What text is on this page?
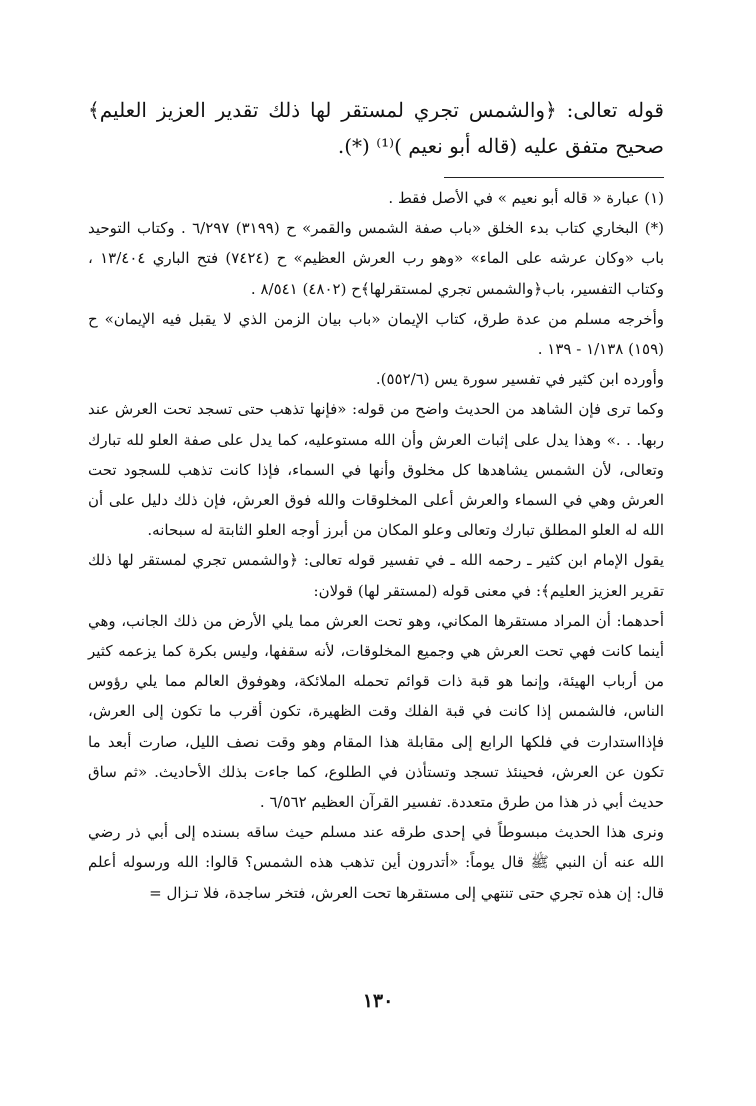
قوله تعالى: ﴿والشمس تجري لمستقر لها ذلك تقدير العزيز العليم﴾ صحيح متفق عليه (قاله أبو نعيم )⁽¹⁾ (*).

(١) عبارة « قاله أبو نعيم » في الأصل فقط .

(*) البخاري كتاب بدء الخلق «باب صفة الشمس والقمر» ح (٣١٩٩) ٦/٢٩٧ . وكتاب التوحيد باب «وكان عرشه على الماء» «وهو رب العرش العظيم» ح (٧٤٢٤) فتح الباري ١٣/٤٠٤ ، وكتاب التفسير، باب﴿والشمس تجري لمستقرلها﴾ح (٤٨٠٢) ٨/٥٤١ .

وأخرجه مسلم من عدة طرق، كتاب الإيمان «باب بيان الزمن الذي لا يقبل فيه الإيمان» ح (١٥٩) ١/١٣٨ - ١٣٩ .

وأورده ابن كثير في تفسير سورة يس (٥٥٢/٦).

وكما ترى فإن الشاهد من الحديث واضح من قوله: «فإنها تذهب حتى تسجد تحت العرش عند ربها. . .» وهذا يدل على إثبات العرش وأن الله مستوعليه، كما يدل على صفة العلو لله تبارك وتعالى، لأن الشمس يشاهدها كل مخلوق وأنها في السماء، فإذا كانت تذهب للسجود تحت العرش وهي في السماء والعرش أعلى المخلوقات والله فوق العرش، فإن ذلك دليل على أن الله له العلو المطلق تبارك وتعالى وعلو المكان من أبرز أوجه العلو الثابتة له سبحانه.

يقول الإمام ابن كثير ـ رحمه الله ـ في تفسير قوله تعالى: ﴿والشمس تجري لمستقر لها ذلك تقرير العزيز العليم﴾: في معنى قوله (لمستقر لها) قولان:

أحدهما: أن المراد مستقرها المكاني، وهو تحت العرش مما يلي الأرض من ذلك الجانب، وهي أينما كانت فهي تحت العرش هي وجميع المخلوقات، لأنه سقفها، وليس بكرة كما يزعمه كثير من أرباب الهيئة، وإنما هو قبة ذات قوائم تحمله الملائكة، وهوفوق العالم مما يلي رؤوس الناس، فالشمس إذا كانت في قبة الفلك وقت الظهيرة، تكون أقرب ما تكون إلى العرش، فإذااستدارت في فلكها الرابع إلى مقابلة هذا المقام وهو وقت نصف الليل، صارت أبعد ما تكون عن العرش، فحينئذ تسجد وتستأذن في الطلوع، كما جاءت بذلك الأحاديث. «ثم ساق حديث أبي ذر هذا من طرق متعددة. تفسير القرآن العظيم ٦/٥٦٢ .

ونرى هذا الحديث مبسوطاً في إحدى طرقه عند مسلم حيث ساقه بسنده إلى أبي ذر رضي الله عنه أن النبي ﷺ قال يوماً: «أتدرون أين تذهب هذه الشمس؟ قالوا: الله ورسوله أعلم قال: إن هذه تجري حتى تنتهي إلى مستقرها تحت العرش، فتخر ساجدة، فلا تـزال =

١٣٠
